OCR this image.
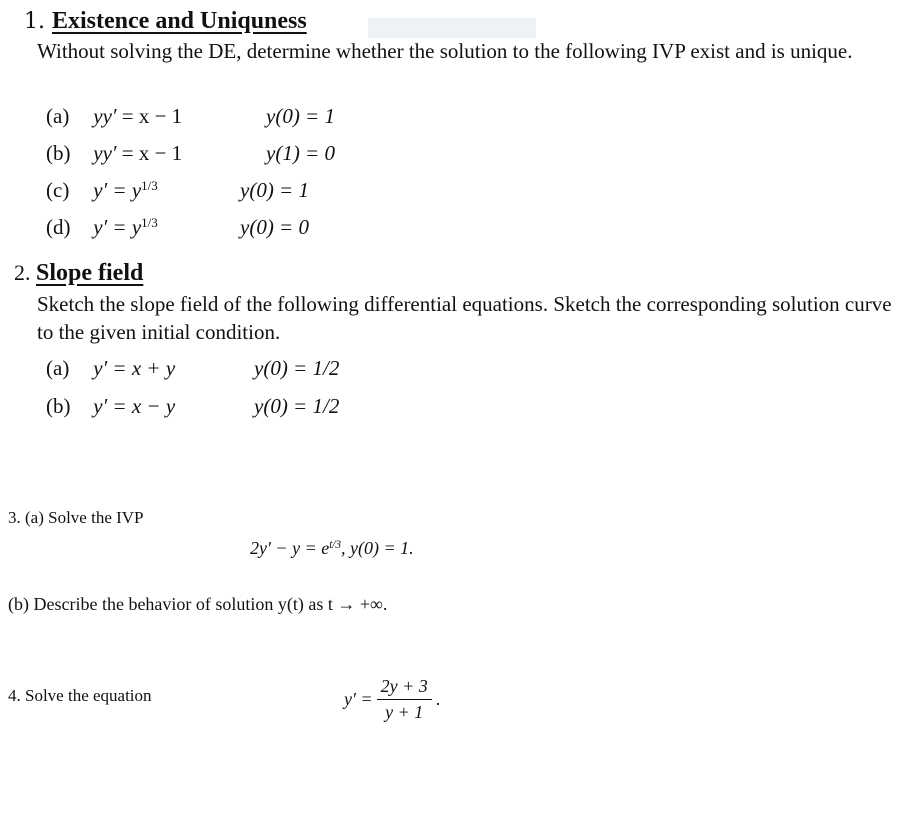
1. Existence and Uniquness
Without solving the DE, determine whether the solution to the following IVP exist and is unique.
(a) yy′ = x − 1	y(0) = 1
(b) yy′ = x − 1	y(1) = 0
(c) $y' = y^{1/3}$	y(0) = 1
(d) $y' = y^{1/3}$	y(0) = 0
2. Slope field
Sketch the slope field of the following differential equations. Sketch the corresponding solution curve to the given initial condition.
(a) y′ = x + y	y(0) = 1/2
(b) y′ = x − y	y(0) = 1/2
3. (a) Solve the IVP
$2y' - y = e^{t/3}$, y(0) = 1.
(b) Describe the behavior of solution y(t) as t → +∞.
4. Solve the equation	$y' = \frac{2y + 3}{y + 1}$ .
